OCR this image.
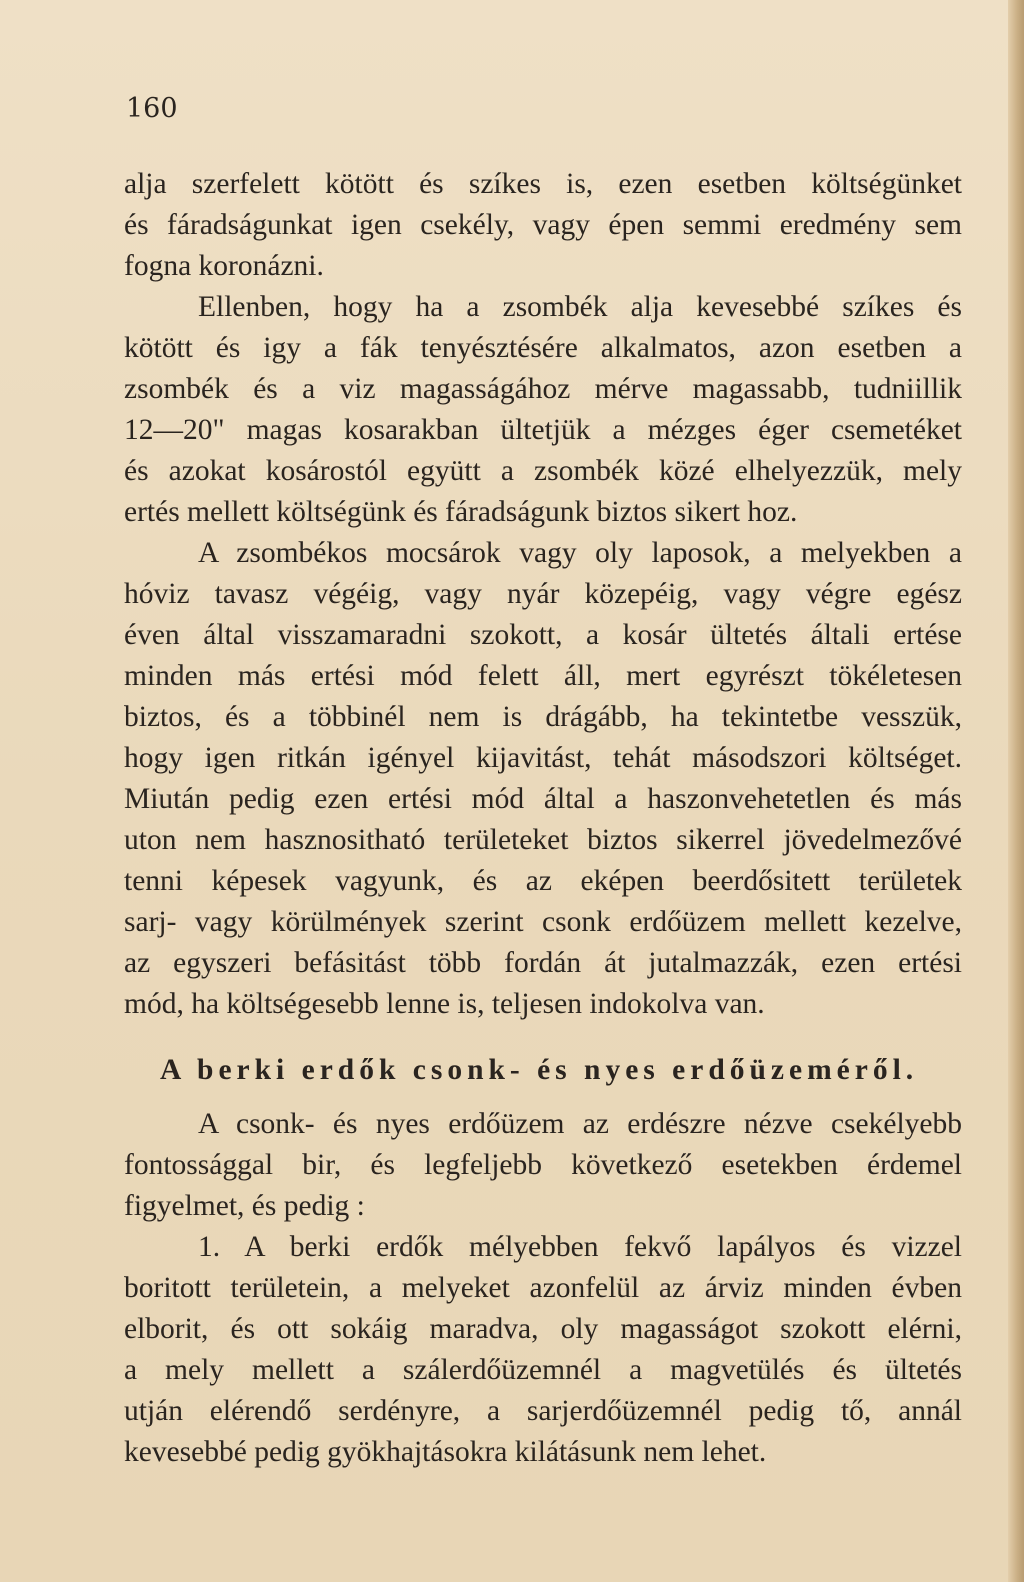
160

alja szerfelett kötött és szíkes is, ezen esetben költségünket

és fáradságunkat igen csekély, vagy épen semmi eredmény sem

fogna koronázni.

Ellenben, hogy ha a zsombék alja kevesebbé szíkes és

kötött és igy a fák tenyésztésére alkalmatos, azon esetben a

zsombék és a viz magasságához mérve magassabb, tudniillik

12—20" magas kosarakban ültetjük a mézges éger csemetéket

és azokat kosárostól együtt a zsombék közé elhelyezzük, mely

ertés mellett költségünk és fáradságunk biztos sikert hoz.

A zsombékos mocsárok vagy oly laposok, a melyekben a

hóviz tavasz végéig, vagy nyár közepéig, vagy végre egész

éven által visszamaradni szokott, a kosár ültetés általi ertése

minden más ertési mód felett áll, mert egyrészt tökéletesen

biztos, és a többinél nem is drágább, ha tekintetbe vesszük,

hogy igen ritkán igényel kijavitást, tehát másodszori költséget.

Miután pedig ezen ertési mód által a haszonvehetetlen és más

uton nem hasznositható területeket biztos sikerrel jövedelmezővé

tenni képesek vagyunk, és az eképen beerdősitett területek

sarj- vagy körülmények szerint csonk erdőüzem mellett kezelve,

az egyszeri befásitást több fordán át jutalmazzák, ezen ertési

mód, ha költségesebb lenne is, teljesen indokolva van.

A berki erdők csonk- és nyes erdőüzeméről.

A csonk- és nyes erdőüzem az erdészre nézve csekélyebb

fontossággal bir, és legfeljebb következő esetekben érdemel

figyelmet, és pedig :

1. A berki erdők mélyebben fekvő lapályos és vizzel

boritott területein, a melyeket azonfelül az árviz minden évben

elborit, és ott sokáig maradva, oly magasságot szokott elérni,

a mely mellett a szálerdőüzemnél a magvetülés és ültetés

utján elérendő serdényre, a sarjerdőüzemnél pedig tő, annál

kevesebbé pedig gyökhajtásokra kilátásunk nem lehet.
